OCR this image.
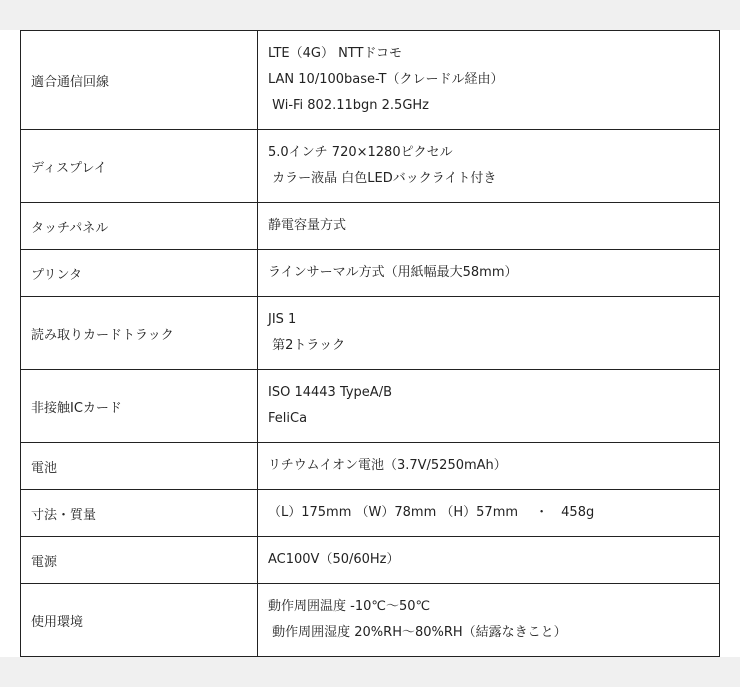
適合通信回線	LTE（4G） NTTドコモ
LAN 10/100base-T（クレードル経由）
Wi-Fi 802.11bgn 2.5GHz

ディスプレイ	5.0インチ 720×1280ピクセル
カラー液晶 白色LEDバックライト付き

タッチパネル	静電容量方式

プリンタ	ラインサーマル方式（用紙幅最大58mm）

読み取りカードトラック	JIS 1
第2トラック

非接触ICカード	ISO 14443 TypeA/B
FeliCa

電池	リチウムイオン電池（3.7V/5250mAh）

寸法・質量	（L）175mm （W）78mm （H）57mm 　・　458g

電源	AC100V（50/60Hz）

使用環境	動作周囲温度 -10℃～50℃
動作周囲湿度 20%RH～80%RH（結露なきこと）
